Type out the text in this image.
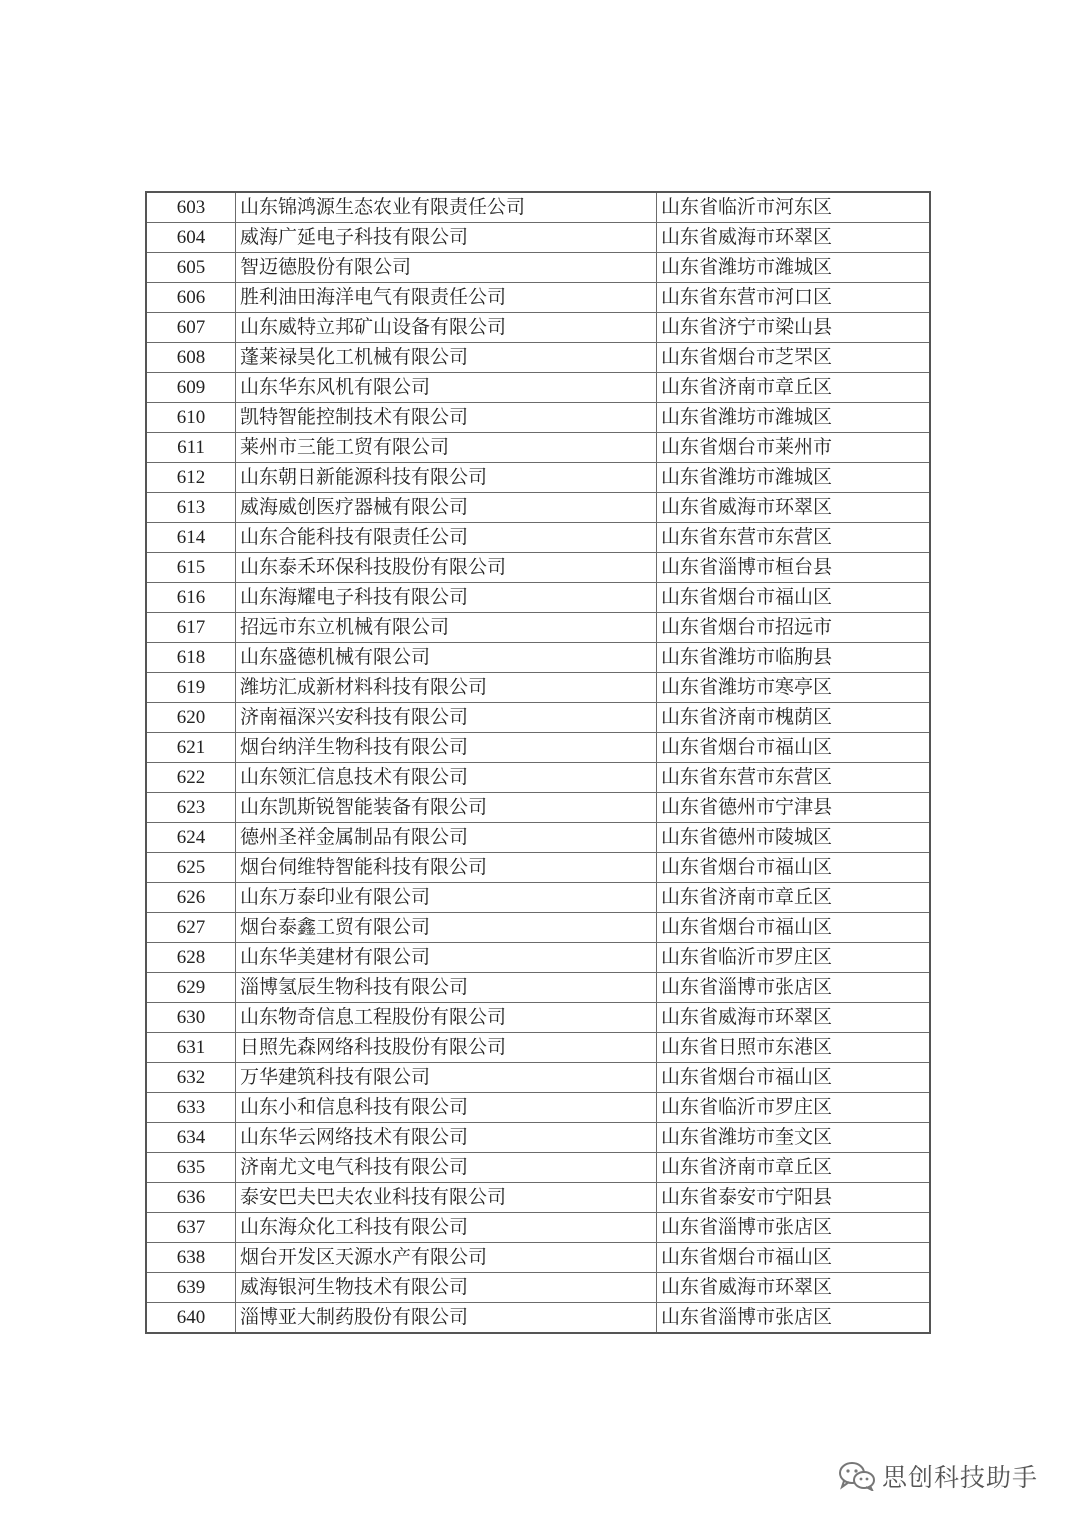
603	山东锦鸿源生态农业有限责任公司	山东省临沂市河东区
604	威海广延电子科技有限公司	山东省威海市环翠区
605	智迈德股份有限公司	山东省潍坊市潍城区
606	胜利油田海洋电气有限责任公司	山东省东营市河口区
607	山东威特立邦矿山设备有限公司	山东省济宁市梁山县
608	蓬莱禄昊化工机械有限公司	山东省烟台市芝罘区
609	山东华东风机有限公司	山东省济南市章丘区
610	凯特智能控制技术有限公司	山东省潍坊市潍城区
611	莱州市三能工贸有限公司	山东省烟台市莱州市
612	山东朝日新能源科技有限公司	山东省潍坊市潍城区
613	威海威创医疗器械有限公司	山东省威海市环翠区
614	山东合能科技有限责任公司	山东省东营市东营区
615	山东泰禾环保科技股份有限公司	山东省淄博市桓台县
616	山东海耀电子科技有限公司	山东省烟台市福山区
617	招远市东立机械有限公司	山东省烟台市招远市
618	山东盛德机械有限公司	山东省潍坊市临朐县
619	潍坊汇成新材料科技有限公司	山东省潍坊市寒亭区
620	济南福深兴安科技有限公司	山东省济南市槐荫区
621	烟台纳洋生物科技有限公司	山东省烟台市福山区
622	山东领汇信息技术有限公司	山东省东营市东营区
623	山东凯斯锐智能装备有限公司	山东省德州市宁津县
624	德州圣祥金属制品有限公司	山东省德州市陵城区
625	烟台伺维特智能科技有限公司	山东省烟台市福山区
626	山东万泰印业有限公司	山东省济南市章丘区
627	烟台泰鑫工贸有限公司	山东省烟台市福山区
628	山东华美建材有限公司	山东省临沂市罗庄区
629	淄博氢辰生物科技有限公司	山东省淄博市张店区
630	山东物奇信息工程股份有限公司	山东省威海市环翠区
631	日照先森网络科技股份有限公司	山东省日照市东港区
632	万华建筑科技有限公司	山东省烟台市福山区
633	山东小和信息科技有限公司	山东省临沂市罗庄区
634	山东华云网络技术有限公司	山东省潍坊市奎文区
635	济南尤文电气科技有限公司	山东省济南市章丘区
636	泰安巴夫巴夫农业科技有限公司	山东省泰安市宁阳县
637	山东海众化工科技有限公司	山东省淄博市张店区
638	烟台开发区天源水产有限公司	山东省烟台市福山区
639	威海银河生物技术有限公司	山东省威海市环翠区
640	淄博亚大制药股份有限公司	山东省淄博市张店区
思创科技助手
